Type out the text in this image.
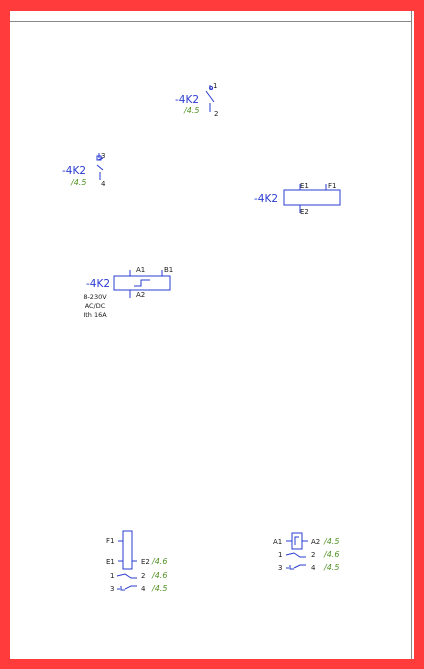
-4K2
/4.5
1
2
-4K2
/4.5
3
4
-4K2
E1	F1
E2
-4K2
A1	B1
A2
8-230V
AC/DC
Ith 16A
F1
E1	E2 /4.6
1	2 /4.6
3	4 /4.5
A1	A2 /4.5
1	2 /4.6
3	4 /4.5
